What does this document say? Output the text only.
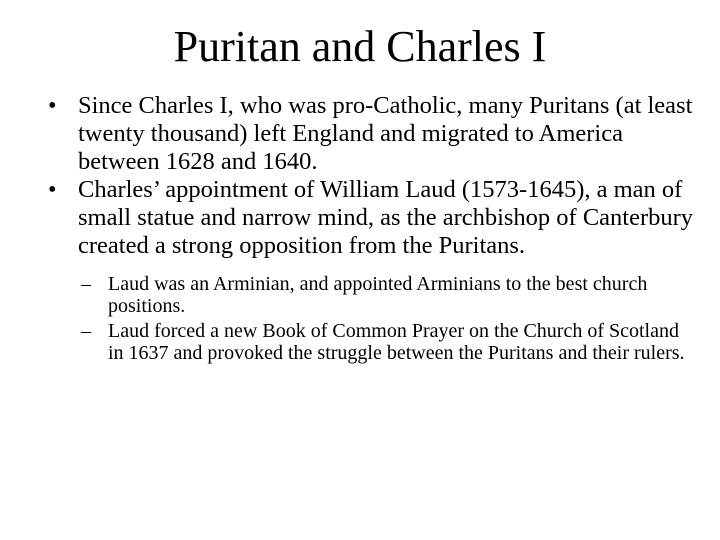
Puritan and Charles I
• Since Charles I, who was pro-Catholic, many Puritans (at least twenty thousand) left England and migrated to America between 1628 and 1640.
• Charles’ appointment of William Laud (1573-1645), a man of small statue and narrow mind, as the archbishop of Canterbury created a strong opposition from the Puritans.
– Laud was an Arminian, and appointed Arminians to the best church positions.
– Laud forced a new Book of Common Prayer on the Church of Scotland in 1637 and provoked the struggle between the Puritans and their rulers.
